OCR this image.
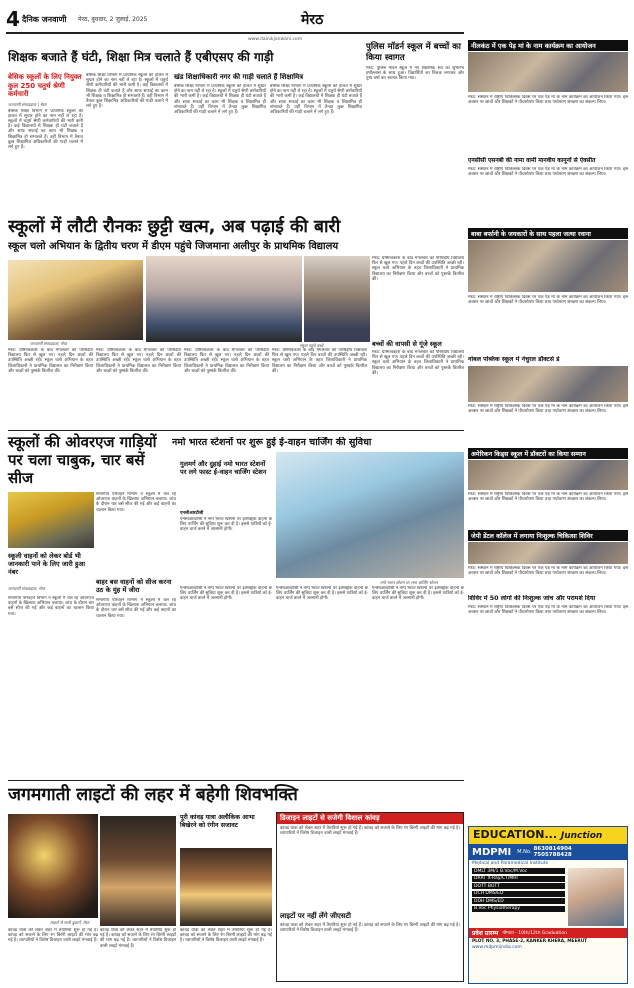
4 दैनिक जनवाणी मेरठ, बुधवार, 2 जुलाई, 2025	मेरठ
www.dainikjanwani.com
शिक्षक बजाते हैं घंटी, शिक्षा मित्र चलाते हैं एबीएसए की गाड़ी
बेसिक स्कूलों के लिए नियुक्त कुल 250 चतुर्थ श्रेणी कर्मचारी
जनवाणी संवाददाता | मेरठ
बेसिक शिक्षा विभाग में प्राथमिक स्कूलों की हालत में सुधार होने का नाम नहीं ले रहा है। स्कूलों में चतुर्थ श्रेणी कर्मचारियों की भारी कमी है। कई विद्यालयों में शिक्षक ही घंटी बजाते हैं और साफ सफाई का काम भी शिक्षक व शिक्षामित्र ही संभालते हैं। वहीं विभाग में तैनात कुछ शिक्षामित्र अधिकारियों की गाड़ी चलाने में लगे हुए हैं।
बेसिक शिक्षा विभाग में प्राथमिक स्कूलों की हालत में सुधार होने का नाम नहीं ले रहा है। स्कूलों में चतुर्थ श्रेणी कर्मचारियों की भारी कमी है। कई विद्यालयों में शिक्षक ही घंटी बजाते हैं और साफ सफाई का काम भी शिक्षक व शिक्षामित्र ही संभालते हैं। वहीं विभाग में तैनात कुछ शिक्षामित्र अधिकारियों की गाड़ी चलाने में लगे हुए हैं।
खंड शिक्षाधिकारी नगर की गाड़ी चलाते हैं शिक्षामित्र
बेसिक शिक्षा विभाग में प्राथमिक स्कूलों की हालत में सुधार होने का नाम नहीं ले रहा है। स्कूलों में चतुर्थ श्रेणी कर्मचारियों की भारी कमी है। कई विद्यालयों में शिक्षक ही घंटी बजाते हैं और साफ सफाई का काम भी शिक्षक व शिक्षामित्र ही संभालते हैं। वहीं विभाग में तैनात कुछ शिक्षामित्र अधिकारियों की गाड़ी चलाने में लगे हुए हैं।
बेसिक शिक्षा विभाग में प्राथमिक स्कूलों की हालत में सुधार होने का नाम नहीं ले रहा है। स्कूलों में चतुर्थ श्रेणी कर्मचारियों की भारी कमी है। कई विद्यालयों में शिक्षक ही घंटी बजाते हैं और साफ सफाई का काम भी शिक्षक व शिक्षामित्र ही संभालते हैं। वहीं विभाग में तैनात कुछ शिक्षामित्र अधिकारियों की गाड़ी चलाने में लगे हुए हैं।
पुलिस मॉडर्न स्कूल में बच्चों का किया स्वागत
मेरठ: पुलिस मॉडर्न स्कूल में नए शैक्षणिक सत्र का शुभारंभ हर्षोल्लास के साथ हुआ। विद्यार्थियों का तिलक लगाकर और पुष्प वर्षा कर स्वागत किया गया।
नीलकंठ में एक पेड़ मां के नाम कार्यक्रम का आयोजन
मेरठ: संस्थान में राष्ट्रीय चिकित्सक दिवस पर एक पेड़ मां के नाम कार्यक्रम का आयोजन किया गया। इस अवसर पर छात्रों और शिक्षकों ने पौधारोपण किया तथा पर्यावरण संरक्षण का संकल्प लिया।
एनसीसी एसनबी की नामा वार्मी मानवीय कानूनों से ऐवसीत
मेरठ: संस्थान में राष्ट्रीय चिकित्सक दिवस पर एक पेड़ मां के नाम कार्यक्रम का आयोजन किया गया। इस अवसर पर छात्रों और शिक्षकों ने पौधारोपण किया तथा पर्यावरण संरक्षण का संकल्प लिया।
बाबा बर्फानी के जयकारों के साथ पहला जत्था रवाना
मेरठ: संस्थान में राष्ट्रीय चिकित्सक दिवस पर एक पेड़ मां के नाम कार्यक्रम का आयोजन किया गया। इस अवसर पर छात्रों और शिक्षकों ने पौधारोपण किया तथा पर्यावरण संरक्षण का संकल्प लिया।
नोबल पब्लिक स्कूल में नेचुरल डॉक्टर्स डे
मेरठ: संस्थान में राष्ट्रीय चिकित्सक दिवस पर एक पेड़ मां के नाम कार्यक्रम का आयोजन किया गया। इस अवसर पर छात्रों और शिक्षकों ने पौधारोपण किया तथा पर्यावरण संरक्षण का संकल्प लिया।
अमेरिकन किड्स स्कूल में डॉक्टरों का किया सम्मान
मेरठ: संस्थान में राष्ट्रीय चिकित्सक दिवस पर एक पेड़ मां के नाम कार्यक्रम का आयोजन किया गया। इस अवसर पर छात्रों और शिक्षकों ने पौधारोपण किया तथा पर्यावरण संरक्षण का संकल्प लिया।
जेपी डेंटल कॉलेज में लगाया निःशुल्क चिकित्सा शिविर
मेरठ: संस्थान में राष्ट्रीय चिकित्सक दिवस पर एक पेड़ मां के नाम कार्यक्रम का आयोजन किया गया। इस अवसर पर छात्रों और शिक्षकों ने पौधारोपण किया तथा पर्यावरण संरक्षण का संकल्प लिया।
शिविर में 50 लोगों की निःशुल्क जांच और परामर्श दिया
मेरठ: संस्थान में राष्ट्रीय चिकित्सक दिवस पर एक पेड़ मां के नाम कार्यक्रम का आयोजन किया गया। इस अवसर पर छात्रों और शिक्षकों ने पौधारोपण किया तथा पर्यावरण संरक्षण का संकल्प लिया।
स्कूलों में लौटी रौनकः छुट्टी खत्म, अब पढ़ाई की बारी
स्कूल चलो अभियान के द्वितीय चरण में डीएम पहुंचे जिजमाना अलीपुर के प्राथमिक विद्यालय
जनवाणी संवाददाता, मेरठ	स्कूल पहुंचे बच्चे
मेरठ: ग्रीष्मावकाश के बाद मंगलवार को परिषदीय विद्यालय फिर से खुल गए। पहले दिन बच्चों की उपस्थिति अच्छी रही। स्कूल चलो अभियान के तहत जिलाधिकारी ने प्राथमिक विद्यालय का निरीक्षण किया और बच्चों को पुस्तकें वितरित कीं।
मेरठ: ग्रीष्मावकाश के बाद मंगलवार को परिषदीय विद्यालय फिर से खुल गए। पहले दिन बच्चों की उपस्थिति अच्छी रही। स्कूल चलो अभियान के तहत जिलाधिकारी ने प्राथमिक विद्यालय का निरीक्षण किया और बच्चों को पुस्तकें वितरित कीं।
मेरठ: ग्रीष्मावकाश के बाद मंगलवार को परिषदीय विद्यालय फिर से खुल गए। पहले दिन बच्चों की उपस्थिति अच्छी रही। स्कूल चलो अभियान के तहत जिलाधिकारी ने प्राथमिक विद्यालय का निरीक्षण किया और बच्चों को पुस्तकें वितरित कीं।
मेरठ: ग्रीष्मावकाश के बाद मंगलवार को परिषदीय विद्यालय फिर से खुल गए। पहले दिन बच्चों की उपस्थिति अच्छी रही। स्कूल चलो अभियान के तहत जिलाधिकारी ने प्राथमिक विद्यालय का निरीक्षण किया और बच्चों को पुस्तकें वितरित कीं।
मेरठ: ग्रीष्मावकाश के बाद मंगलवार को परिषदीय विद्यालय फिर से खुल गए। पहले दिन बच्चों की उपस्थिति अच्छी रही। स्कूल चलो अभियान के तहत जिलाधिकारी ने प्राथमिक विद्यालय का निरीक्षण किया और बच्चों को पुस्तकें वितरित कीं।
बच्चों की वापसी से गूंजे स्कूल
मेरठ: ग्रीष्मावकाश के बाद मंगलवार को परिषदीय विद्यालय फिर से खुल गए। पहले दिन बच्चों की उपस्थिति अच्छी रही। स्कूल चलो अभियान के तहत जिलाधिकारी ने प्राथमिक विद्यालय का निरीक्षण किया और बच्चों को पुस्तकें वितरित कीं।
स्कूलों की ओवरएज गाड़ियों पर चला चाबुक, चार बसें सीज
स्कूली वाहनों को लेकर बोर्ड भी जानकारी पाने के लिए जारी हुआ नंबर
संभागीय परिवहन विभाग ने स्कूलों में चल रहे ओवरएज वाहनों के खिलाफ अभियान चलाया। जांच के दौरान चार बसें सीज की गईं और कई वाहनों का चालान किया गया।
बाहर बस वाहनों को सीज करना उठ के मुंह में जीरा
जनवाणी संवाददाता, मेरठ
संभागीय परिवहन विभाग ने स्कूलों में चल रहे ओवरएज वाहनों के खिलाफ अभियान चलाया। जांच के दौरान चार बसें सीज की गईं और कई वाहनों का चालान किया गया।
संभागीय परिवहन विभाग ने स्कूलों में चल रहे ओवरएज वाहनों के खिलाफ अभियान चलाया। जांच के दौरान चार बसें सीज की गईं और कई वाहनों का चालान किया गया।
नमो भारत स्टेशनों पर शुरू हुई ई-वाहन चार्जिंग की सुविधा
गुलमर्ग और दुहाई नमो भारत स्टेशनों पर लगे फास्ट ई-वाहन चार्जिंग स्टेशन
एनसीआरटीसी
एनसीआरटीसी ने नमो भारत स्टेशनों पर इलेक्ट्रिक वाहनों के लिए चार्जिंग की सुविधा शुरू कर दी है। इससे यात्रियों को ई-वाहन चार्ज करने में आसानी होगी।
नमो भारत स्टेशन पर लगा चार्जिंग स्टेशन
एनसीआरटीसी ने नमो भारत स्टेशनों पर इलेक्ट्रिक वाहनों के लिए चार्जिंग की सुविधा शुरू कर दी है। इससे यात्रियों को ई-वाहन चार्ज करने में आसानी होगी।
एनसीआरटीसी ने नमो भारत स्टेशनों पर इलेक्ट्रिक वाहनों के लिए चार्जिंग की सुविधा शुरू कर दी है। इससे यात्रियों को ई-वाहन चार्ज करने में आसानी होगी।
एनसीआरटीसी ने नमो भारत स्टेशनों पर इलेक्ट्रिक वाहनों के लिए चार्जिंग की सुविधा शुरू कर दी है। इससे यात्रियों को ई-वाहन चार्ज करने में आसानी होगी।
जगमगाती लाइटों की लहर में बहेगी शिवभक्ति
लाइटों से सजी दुकानें, मेरठ
कांवड़ यात्रा को लेकर शहर में तैयारियां शुरू हो गई हैं। कांवड़ को सजाने के लिए रंग बिरंगी लाइटों की मांग बढ़ गई है। व्यापारियों ने विशेष डिजाइन वाली लाइटें मंगवाई हैं।
पूरी कांवड़ यात्रा अलौकिक आभा बिखेरने को रंगीन सजावट
कांवड़ यात्रा को लेकर शहर में तैयारियां शुरू हो गई हैं। कांवड़ को सजाने के लिए रंग बिरंगी लाइटों की मांग बढ़ गई है। व्यापारियों ने विशेष डिजाइन वाली लाइटें मंगवाई हैं।
कांवड़ यात्रा को लेकर शहर में तैयारियां शुरू हो गई हैं। कांवड़ को सजाने के लिए रंग बिरंगी लाइटों की मांग बढ़ गई है। व्यापारियों ने विशेष डिजाइन वाली लाइटें मंगवाई हैं।
डिजाइन लाइटों से सजेगी विशाल कांवड़
कांवड़ यात्रा को लेकर शहर में तैयारियां शुरू हो गई हैं। कांवड़ को सजाने के लिए रंग बिरंगी लाइटों की मांग बढ़ गई है। व्यापारियों ने विशेष डिजाइन वाली लाइटें मंगवाई हैं।
लाइटों पर नहीं लेंगे जीएसटी
कांवड़ यात्रा को लेकर शहर में तैयारियां शुरू हो गई हैं। कांवड़ को सजाने के लिए रंग बिरंगी लाइटों की मांग बढ़ गई है। व्यापारियों ने विशेष डिजाइन वाली लाइटें मंगवाई हैं।
EDUCATION... Junction
MDPMI M.No. 8630814904
7505788428
Medical and Paramedical Institute
DMLT 3M/1 B.Voc/M.Voc
DRRT X-Ray/CT/MRI
DOTT BOTT
DCH DMS/ED
DDH DMS/ED
B.Voc Physiotherapy
प्रवेश प्रारम्भ योग्यता - 10th/12th Graduation
PLOT NO. 3, PHASE-2, KANKER KHERA, MEERUT
www.mdpmiindia.com
